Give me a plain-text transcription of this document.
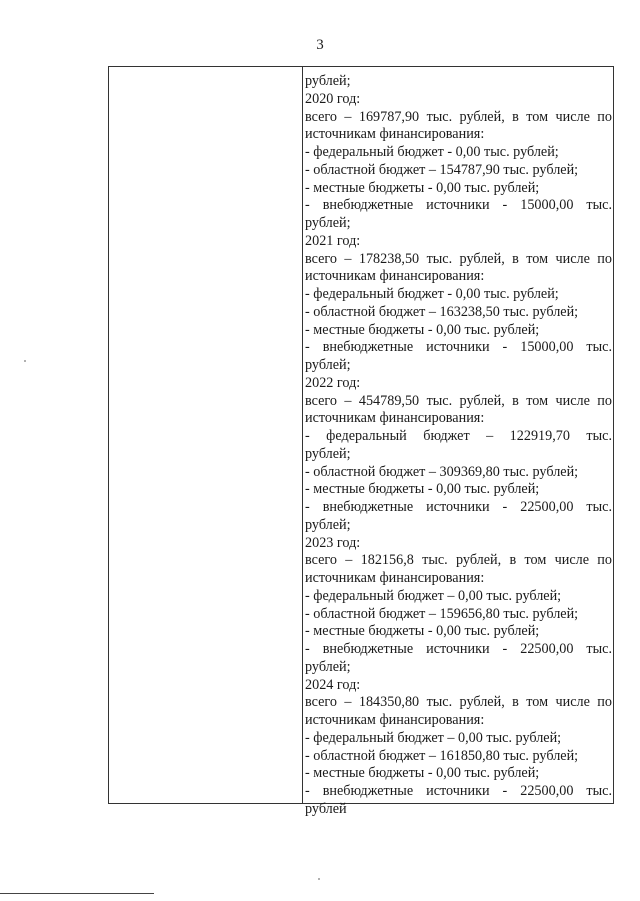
3
рублей;
2020 год:
всего – 169787,90 тыс. рублей, в том числе по
источникам финансирования:
- федеральный бюджет - 0,00 тыс. рублей;
- областной бюджет – 154787,90 тыс. рублей;
- местные бюджеты - 0,00 тыс. рублей;
- внебюджетные источники - 15000,00 тыс.
рублей;
2021 год:
всего – 178238,50 тыс. рублей, в том числе по
источникам финансирования:
- федеральный бюджет - 0,00 тыс. рублей;
- областной бюджет – 163238,50 тыс. рублей;
- местные бюджеты - 0,00 тыс. рублей;
- внебюджетные источники - 15000,00 тыс.
рублей;
2022 год:
всего – 454789,50 тыс. рублей, в том числе по
источникам финансирования:
- федеральный бюджет – 122919,70 тыс.
рублей;
- областной бюджет – 309369,80 тыс. рублей;
- местные бюджеты - 0,00 тыс. рублей;
- внебюджетные источники - 22500,00 тыс.
рублей;
2023 год:
всего – 182156,8 тыс. рублей, в том числе по
источникам финансирования:
- федеральный бюджет – 0,00 тыс. рублей;
- областной бюджет – 159656,80 тыс. рублей;
- местные бюджеты - 0,00 тыс. рублей;
- внебюджетные источники - 22500,00 тыс.
рублей;
2024 год:
всего – 184350,80 тыс. рублей, в том числе по
источникам финансирования:
- федеральный бюджет – 0,00 тыс. рублей;
- областной бюджет – 161850,80 тыс. рублей;
- местные бюджеты - 0,00 тыс. рублей;
- внебюджетные источники - 22500,00 тыс.
рублей
